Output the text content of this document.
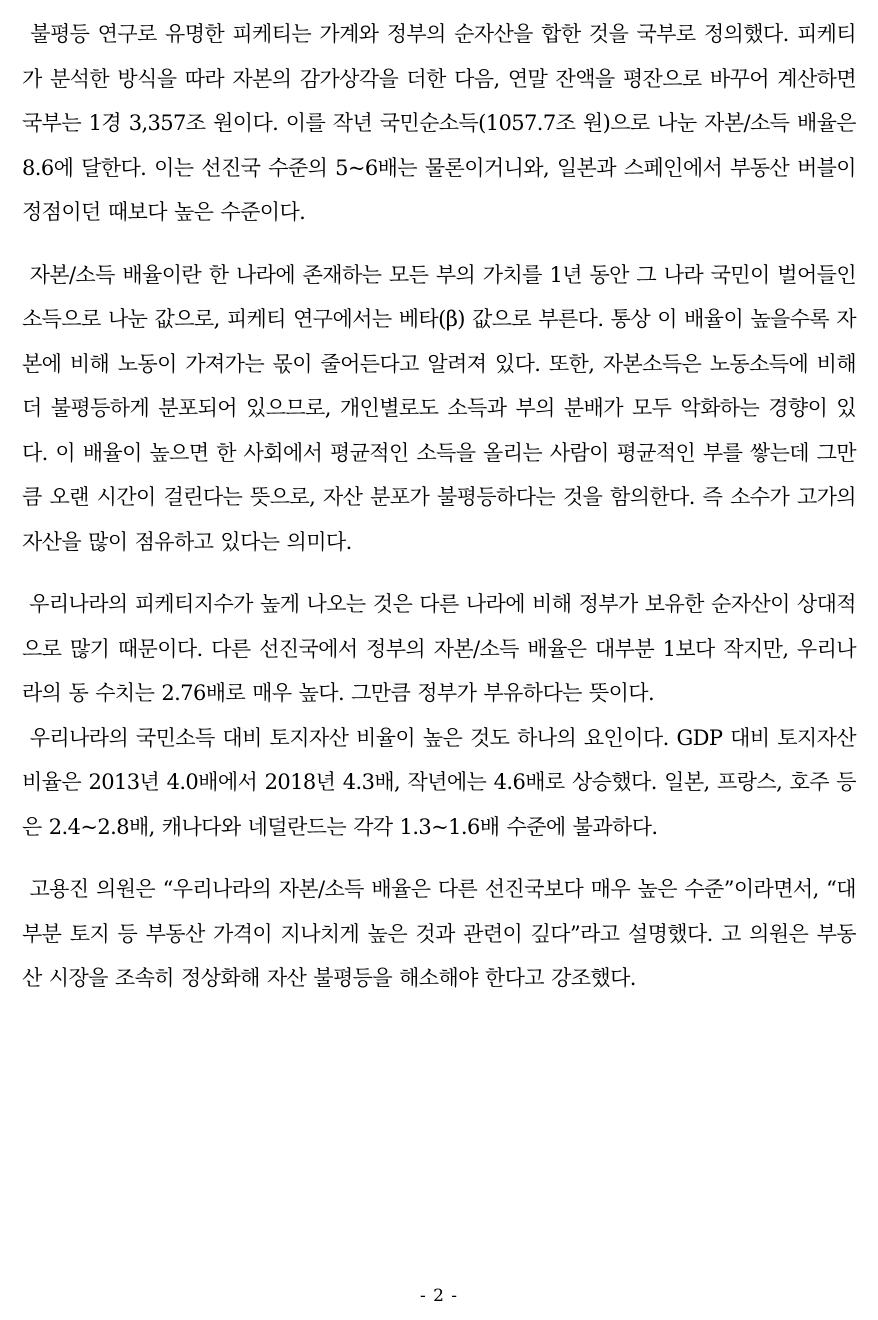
불평등 연구로 유명한 피케티는 가계와 정부의 순자산을 합한 것을 국부로 정의했다. 피케티가 분석한 방식을 따라 자본의 감가상각을 더한 다음, 연말 잔액을 평잔으로 바꾸어 계산하면 국부는 1경 3,357조 원이다. 이를 작년 국민순소득(1057.7조 원)으로 나눈 자본/소득 배율은 8.6에 달한다. 이는 선진국 수준의 5~6배는 물론이거니와, 일본과 스페인에서 부동산 버블이 정점이던 때보다 높은 수준이다.

자본/소득 배율이란 한 나라에 존재하는 모든 부의 가치를 1년 동안 그 나라 국민이 벌어들인 소득으로 나눈 값으로, 피케티 연구에서는 베타(β) 값으로 부른다. 통상 이 배율이 높을수록 자본에 비해 노동이 가져가는 몫이 줄어든다고 알려져 있다. 또한, 자본소득은 노동소득에 비해 더 불평등하게 분포되어 있으므로, 개인별로도 소득과 부의 분배가 모두 악화하는 경향이 있다. 이 배율이 높으면 한 사회에서 평균적인 소득을 올리는 사람이 평균적인 부를 쌓는데 그만큼 오랜 시간이 걸린다는 뜻으로, 자산 분포가 불평등하다는 것을 함의한다. 즉 소수가 고가의 자산을 많이 점유하고 있다는 의미다.

우리나라의 피케티지수가 높게 나오는 것은 다른 나라에 비해 정부가 보유한 순자산이 상대적으로 많기 때문이다. 다른 선진국에서 정부의 자본/소득 배율은 대부분 1보다 작지만, 우리나라의 동 수치는 2.76배로 매우 높다. 그만큼 정부가 부유하다는 뜻이다.

우리나라의 국민소득 대비 토지자산 비율이 높은 것도 하나의 요인이다. GDP 대비 토지자산 비율은 2013년 4.0배에서 2018년 4.3배, 작년에는 4.6배로 상승했다. 일본, 프랑스, 호주 등은 2.4~2.8배, 캐나다와 네덜란드는 각각 1.3~1.6배 수준에 불과하다.

고용진 의원은 “우리나라의 자본/소득 배율은 다른 선진국보다 매우 높은 수준”이라면서, “대부분 토지 등 부동산 가격이 지나치게 높은 것과 관련이 깊다”라고 설명했다. 고 의원은 부동산 시장을 조속히 정상화해 자산 불평등을 해소해야 한다고 강조했다.

- 2 -
